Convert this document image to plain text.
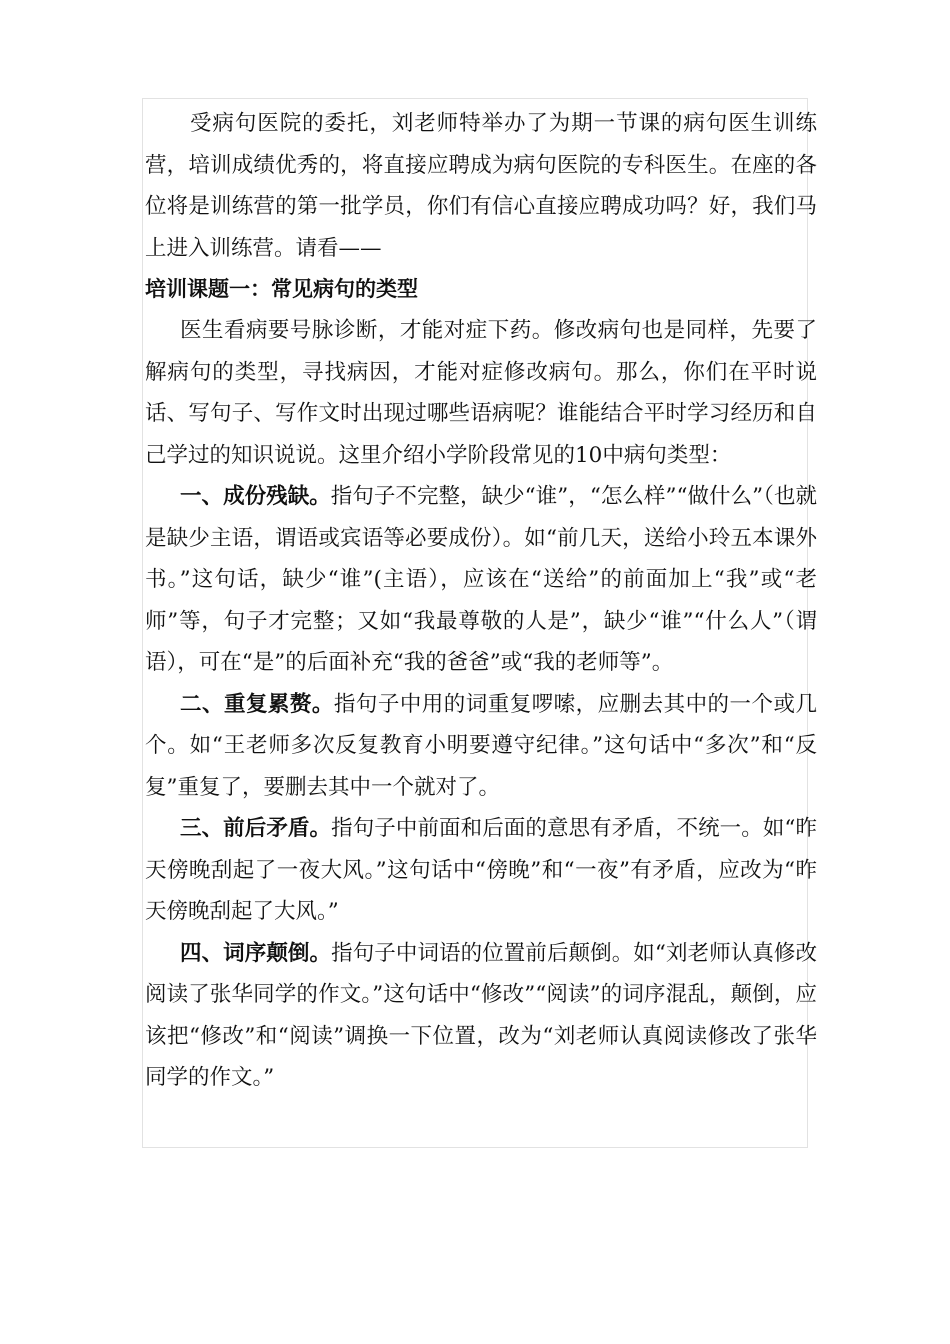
受病句医院的委托，刘老师特举办了为期一节课的病句医生训练营，培训成绩优秀的，将直接应聘成为病句医院的专科医生。在座的各位将是训练营的第一批学员，你们有信心直接应聘成功吗？好，我们马上进入训练营。请看——

培训课题一：常见病句的类型

医生看病要号脉诊断，才能对症下药。修改病句也是同样，先要了解病句的类型，寻找病因，才能对症修改病句。那么，你们在平时说话、写句子、写作文时出现过哪些语病呢？谁能结合平时学习经历和自己学过的知识说说。这里介绍小学阶段常见的10中病句类型：

一、成份残缺。指句子不完整，缺少“谁”，“怎么样”“做什么”（也就是缺少主语，谓语或宾语等必要成份）。如“前几天，送给小玲五本课外书。”这句话，缺少“谁”(主语），应该在“送给”的前面加上“我”或“老师”等，句子才完整；又如“我最尊敬的人是”，缺少“谁”“什么人”（谓语），可在“是”的后面补充“我的爸爸”或“我的老师等”。

二、重复累赘。指句子中用的词重复啰嗦，应删去其中的一个或几个。如“王老师多次反复教育小明要遵守纪律。”这句话中“多次”和“反复”重复了，要删去其中一个就对了。

三、前后矛盾。指句子中前面和后面的意思有矛盾，不统一。如“昨天傍晚刮起了一夜大风。”这句话中“傍晚”和“一夜”有矛盾，应改为“昨天傍晚刮起了大风。”

四、词序颠倒。指句子中词语的位置前后颠倒。如“刘老师认真修改阅读了张华同学的作文。”这句话中“修改”“阅读”的词序混乱，颠倒，应该把“修改”和“阅读”调换一下位置，改为“刘老师认真阅读修改了张华同学的作文。”
